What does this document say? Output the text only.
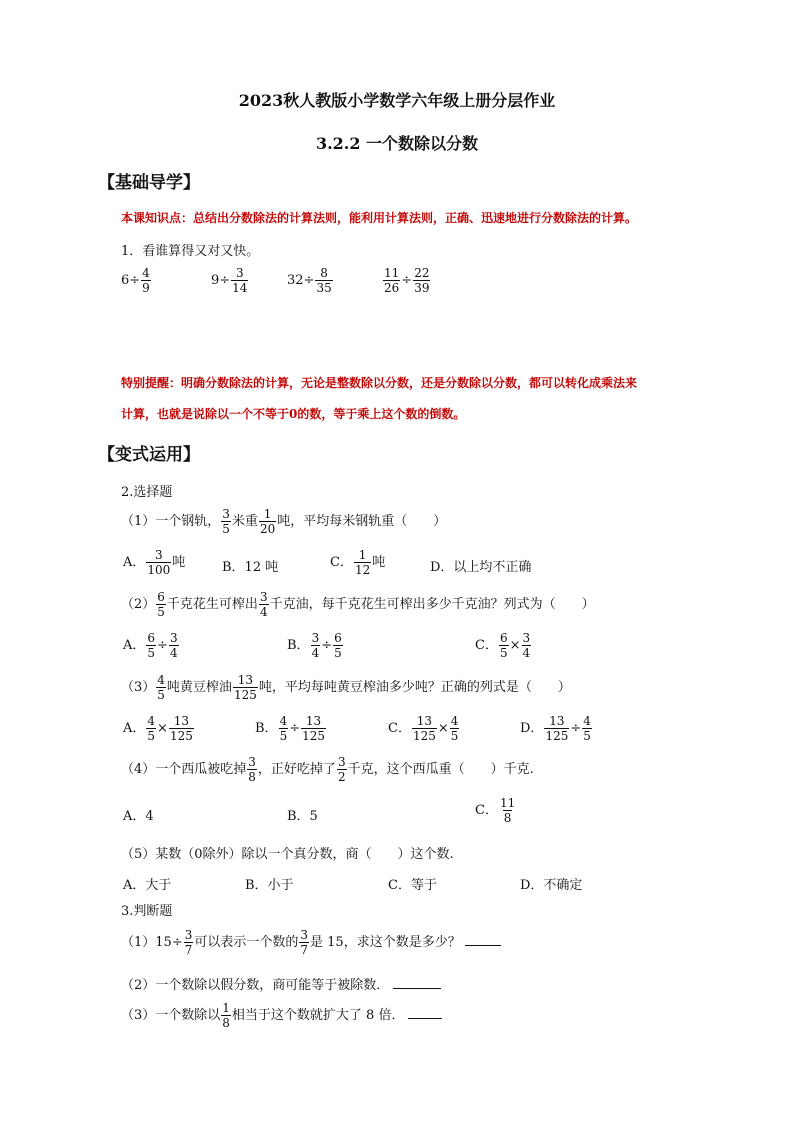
2023秋人教版小学数学六年级上册分层作业
3.2.2 一个数除以分数
【基础导学】
本课知识点：总结出分数除法的计算法则，能利用计算法则，正确、迅速地进行分数除法的计算。
1．看谁算得又对又快。
$6\div \frac{4}{9}$	$9\div \frac{3}{14}$	$32\div \frac{8}{35}$	$\frac{11}{26} \div \frac{22}{39}$
特别提醒：明确分数除法的计算，无论是整数除以分数，还是分数除以分数，都可以转化成乘法来
计算，也就是说除以一个不等于0的数，等于乘上这个数的倒数。
【变式运用】
2.选择题
（1）一个钢轨， $\frac{3}{5}$ 米重 $\frac{1}{20}$ 吨，平均每米钢轨重（　　）
A． $\frac{3}{100}$ 吨	B．12 吨	C． $\frac{1}{12}$ 吨	D．以上均不正确
$(2) \frac{6}{5}$ 千克花生可榨出 $\frac{3}{4}$ 千克油，每千克花生可榨出多少千克油？列式为（　　）
A． $\frac{6}{5} \div \frac{3}{4}$	B． $\frac{3}{4} \div \frac{6}{5}$	C． $\frac{6}{5} \times \frac{3}{4}$
$(3) \frac{4}{5}$ 吨黄豆榨油 $\frac{13}{125}$ 吨，平均每吨黄豆榨油多少吨？正确的列式是（　　）
A． $\frac{4}{5} \times \frac{13}{125}$	B． $\frac{4}{5} \div \frac{13}{125}$	C． $\frac{13}{125} \times \frac{4}{5}$	D． $\frac{13}{125} \div \frac{4}{5}$
（4）一个西瓜被吃掉 $\frac{3}{8}$ ，正好吃掉了 $\frac{3}{2}$ 千克，这个西瓜重（　　）千克.
A．4	B．5	C． $\frac{11}{8}$
（5）某数（0除外）除以一个真分数，商（　　）这个数.
A．大于	B．小于	C．等于	D．不确定
3.判断题
$(1)15\div \frac{3}{7}$ 可以表示一个数的 $\frac{3}{7}$ 是 15，求这个数是多少？
（2）一个数除以假分数，商可能等于被除数．
（3）一个数除以 $\frac{1}{8}$ 相当于这个数就扩大了 8 倍．
